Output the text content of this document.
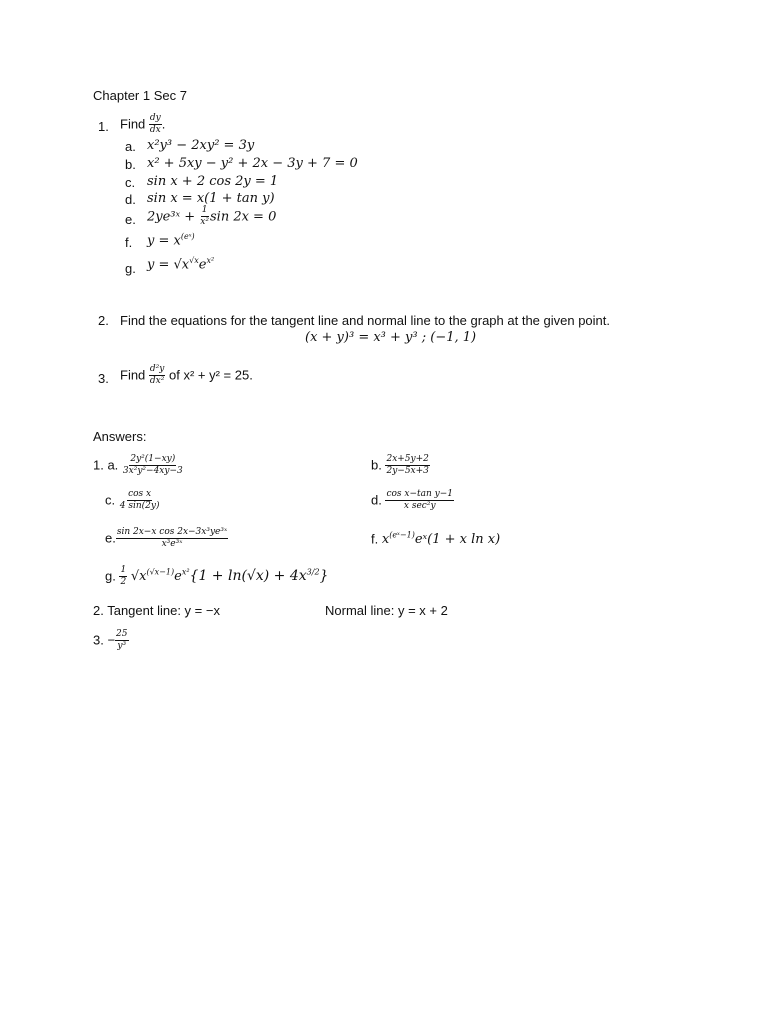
Chapter 1 Sec 7
1. Find $\frac{dy}{dx}$ .
a. x²y³ − 2xy² = 3y
b. x² + 5xy − y² + 2x − 3y + 7 = 0
c. sin x + 2 cos 2y = 1
d. sin x = x(1 + tan y)
e. 2ye³ˣ + $\frac{1}{\text{x²}}$ sin 2x = 0
f. $y = x^{(eˣ)}$
g. $y = √x^{√x}e^{x^2}$
2. Find the equations for the tangent line and normal line to the graph at the given point.
(x + y)³ = x³ + y³ ; (−1, 1)
3. Find $\frac{\text{d²y}}{\text{dx²}}$ of x² + y² = 25.
Answers:
1. a. $\frac{\text{2y²(1−xy)}}{\text{3x²y²−4xy−3}}$	b. $\frac{2x+5y+2}{2y-5x+3}$
c. $\frac{\text{cos x}}{4 \sin(2y)}$	d. $\frac{\text{cos x−tan y−1}}{\text{x sec²y}}$
e. $\frac{\text{sin 2x−x cos 2x−3x³ye³ˣ}}{\text{x³e³ˣ}}$	f. $x^{(eˣ-1)}eˣ(1 + x$ ln x)
g. $\frac{1}{2} √x^{(√x-1)}e^{x^2}\{1 + \ln(√x) + 4x^{3/2}\}$
2. Tangent line: y = −x	Normal line: y = x + 2
3. − $\frac{25}{\text{y³}}$
